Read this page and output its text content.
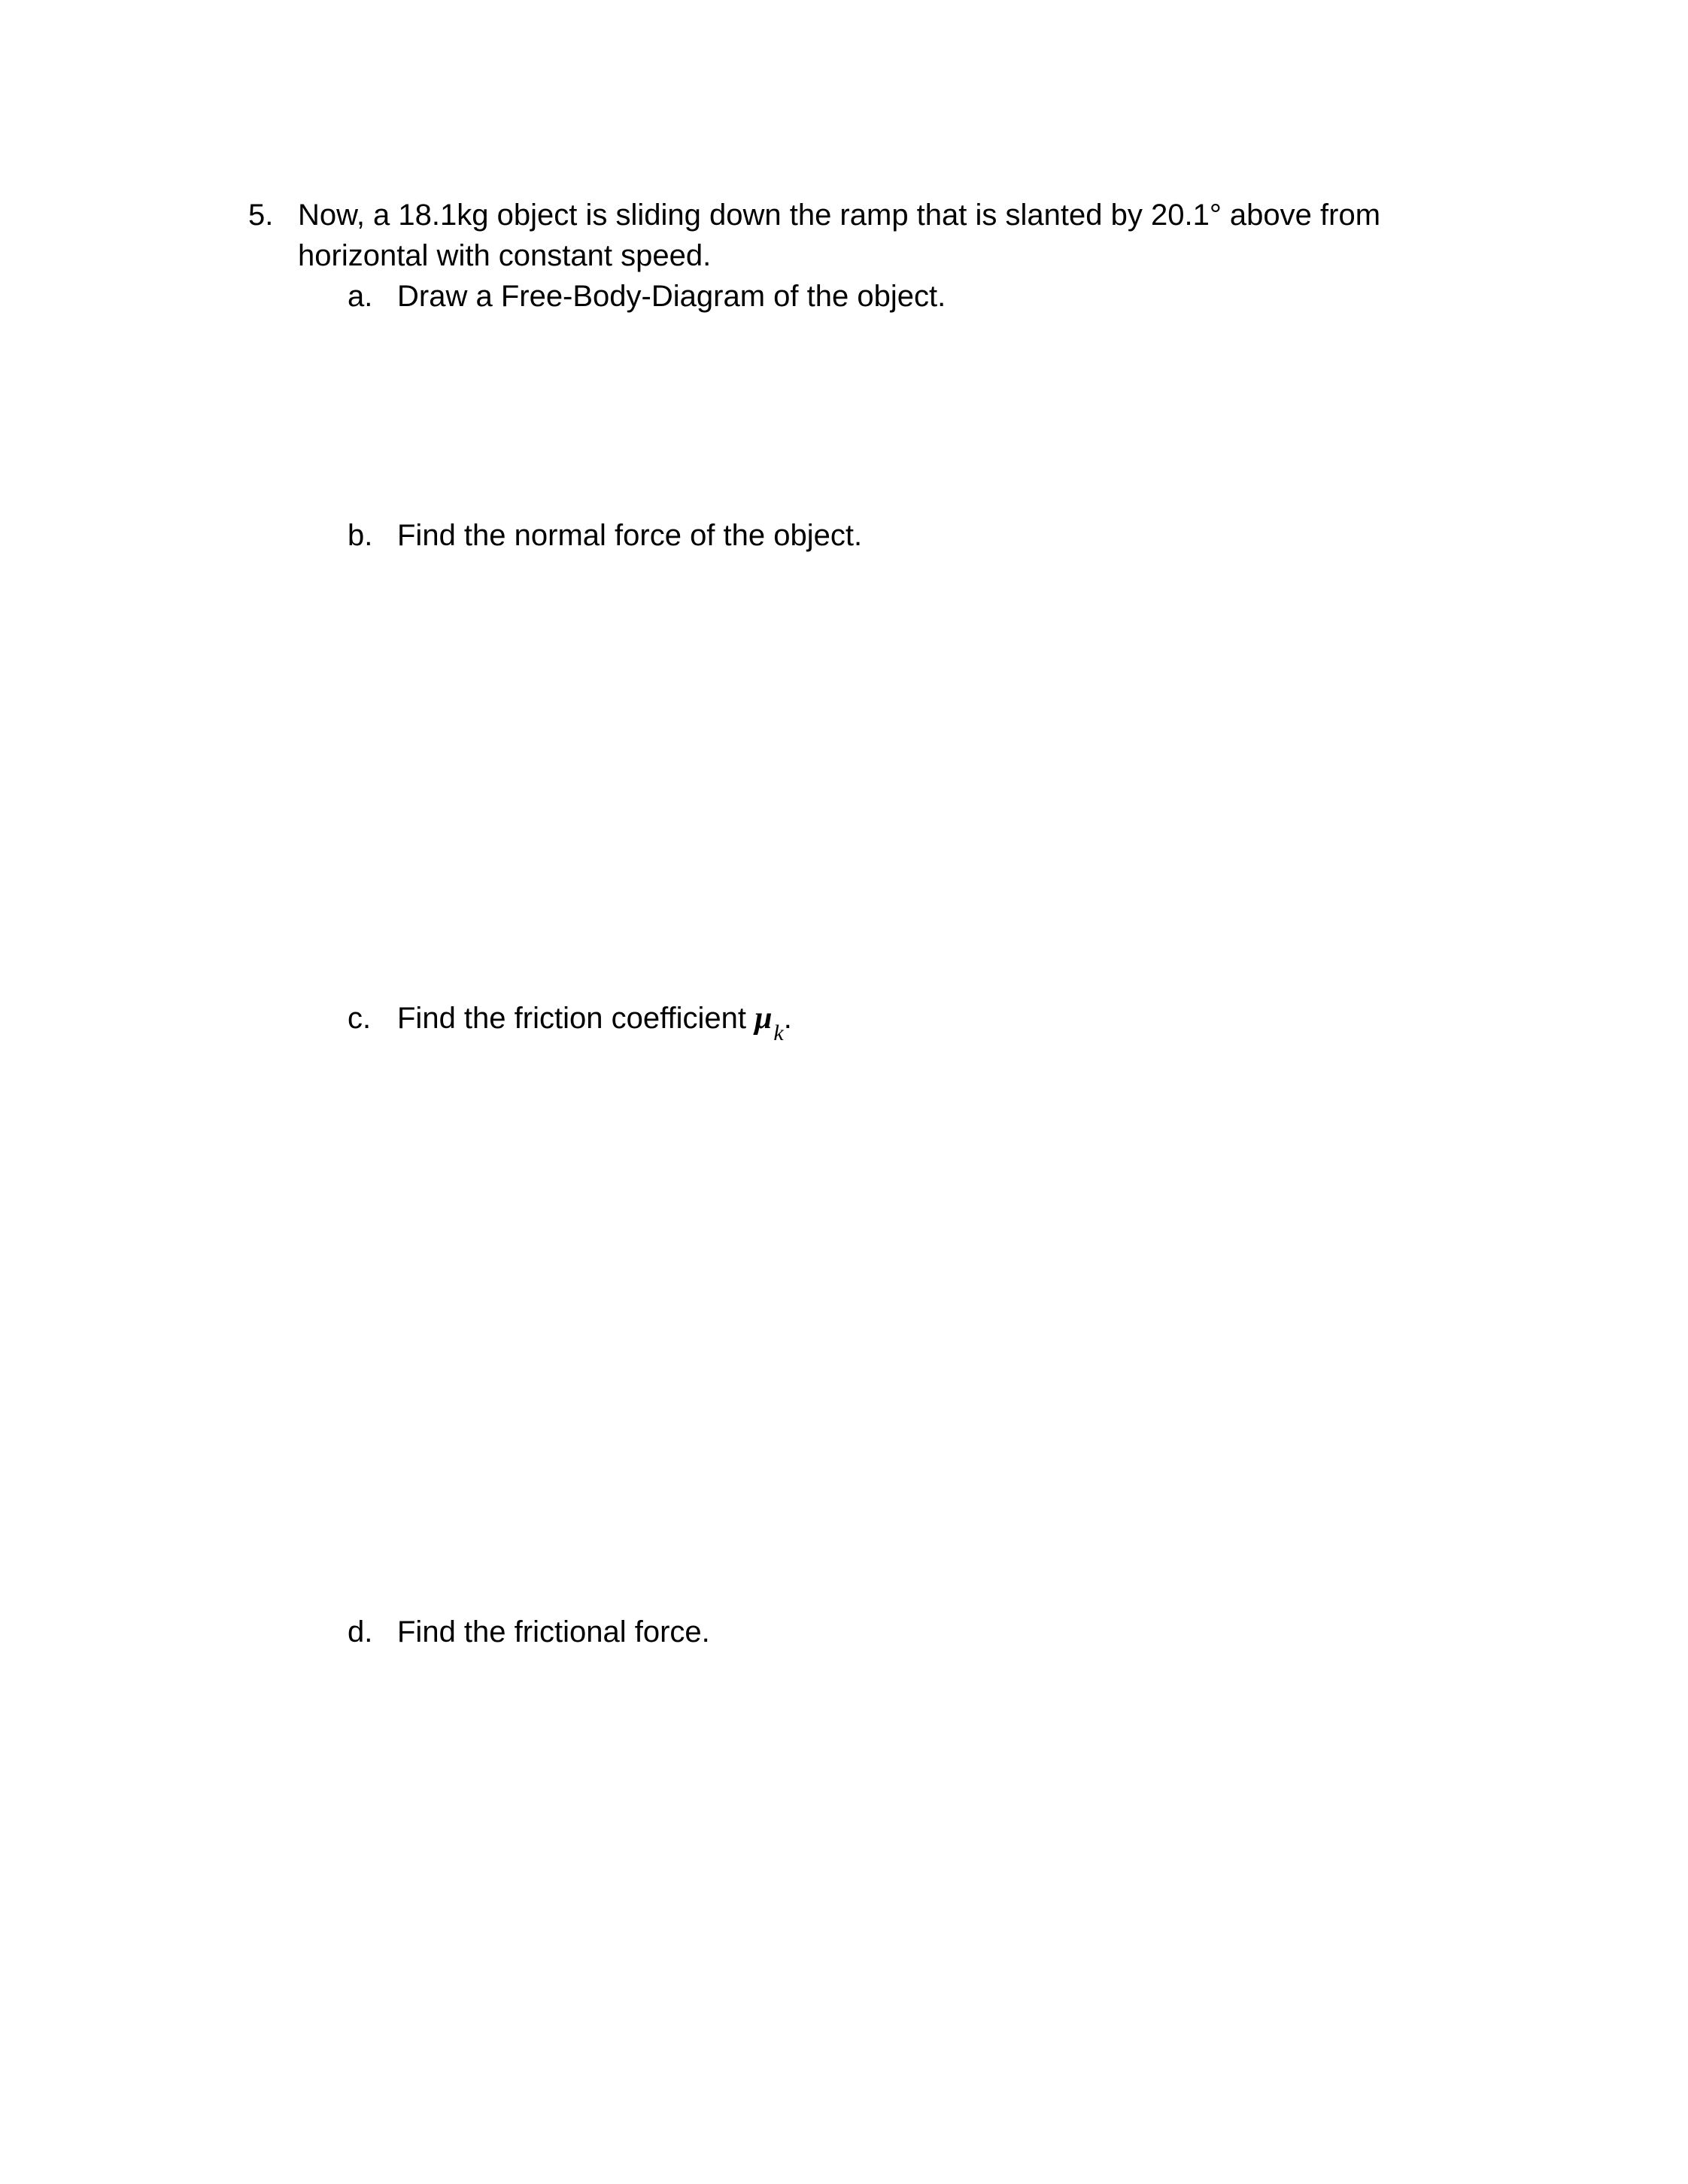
5. Now, a 18.1kg object is sliding down the ramp that is slanted by 20.1° above from
horizontal with constant speed.
a. Draw a Free-Body-Diagram of the object.
b. Find the normal force of the object.
c. Find the friction coefficient $\mu_k$.
d. Find the frictional force.
